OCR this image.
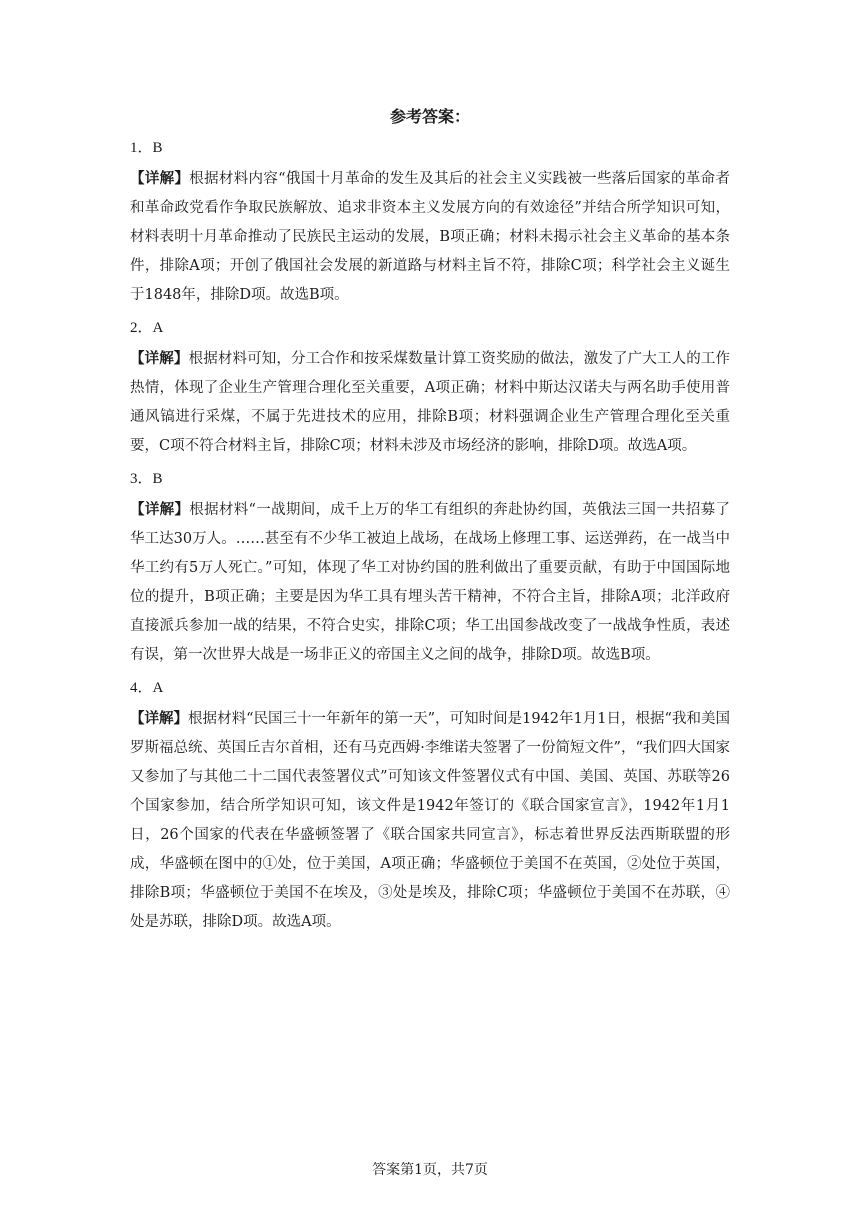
参考答案：
1．B
【详解】根据材料内容“俄国十月革命的发生及其后的社会主义实践被一些落后国家的革命者和革命政党看作争取民族解放、追求非资本主义发展方向的有效途径”并结合所学知识可知，材料表明十月革命推动了民族民主运动的发展，B项正确；材料未揭示社会主义革命的基本条件，排除A项；开创了俄国社会发展的新道路与材料主旨不符，排除C项；科学社会主义诞生于1848年，排除D项。故选B项。
2．A
【详解】根据材料可知，分工合作和按采煤数量计算工资奖励的做法，激发了广大工人的工作热情，体现了企业生产管理合理化至关重要，A项正确；材料中斯达汉诺夫与两名助手使用普通风镐进行采煤，不属于先进技术的应用，排除B项；材料强调企业生产管理合理化至关重要，C项不符合材料主旨，排除C项；材料未涉及市场经济的影响，排除D项。故选A项。
3．B
【详解】根据材料“一战期间，成千上万的华工有组织的奔赴协约国，英俄法三国一共招募了华工达30万人。……甚至有不少华工被迫上战场，在战场上修理工事、运送弹药，在一战当中华工约有5万人死亡。”可知，体现了华工对协约国的胜利做出了重要贡献，有助于中国国际地位的提升，B项正确；主要是因为华工具有埋头苦干精神，不符合主旨，排除A项；北洋政府直接派兵参加一战的结果，不符合史实，排除C项；华工出国参战改变了一战战争性质，表述有误，第一次世界大战是一场非正义的帝国主义之间的战争，排除D项。故选B项。
4．A
【详解】根据材料“民国三十一年新年的第一天”，可知时间是1942年1月1日，根据“我和美国罗斯福总统、英国丘吉尔首相，还有马克西姆·李维诺夫签署了一份简短文件”，“我们四大国家又参加了与其他二十二国代表签署仪式”可知该文件签署仪式有中国、美国、英国、苏联等26个国家参加，结合所学知识可知，该文件是1942年签订的《联合国家宣言》，1942年1月1日，26个国家的代表在华盛顿签署了《联合国家共同宣言》，标志着世界反法西斯联盟的形成，华盛顿在图中的①处，位于美国，A项正确；华盛顿位于美国不在英国，②处位于英国，排除B项；华盛顿位于美国不在埃及，③处是埃及，排除C项；华盛顿位于美国不在苏联，④处是苏联，排除D项。故选A项。
答案第1页，共7页
